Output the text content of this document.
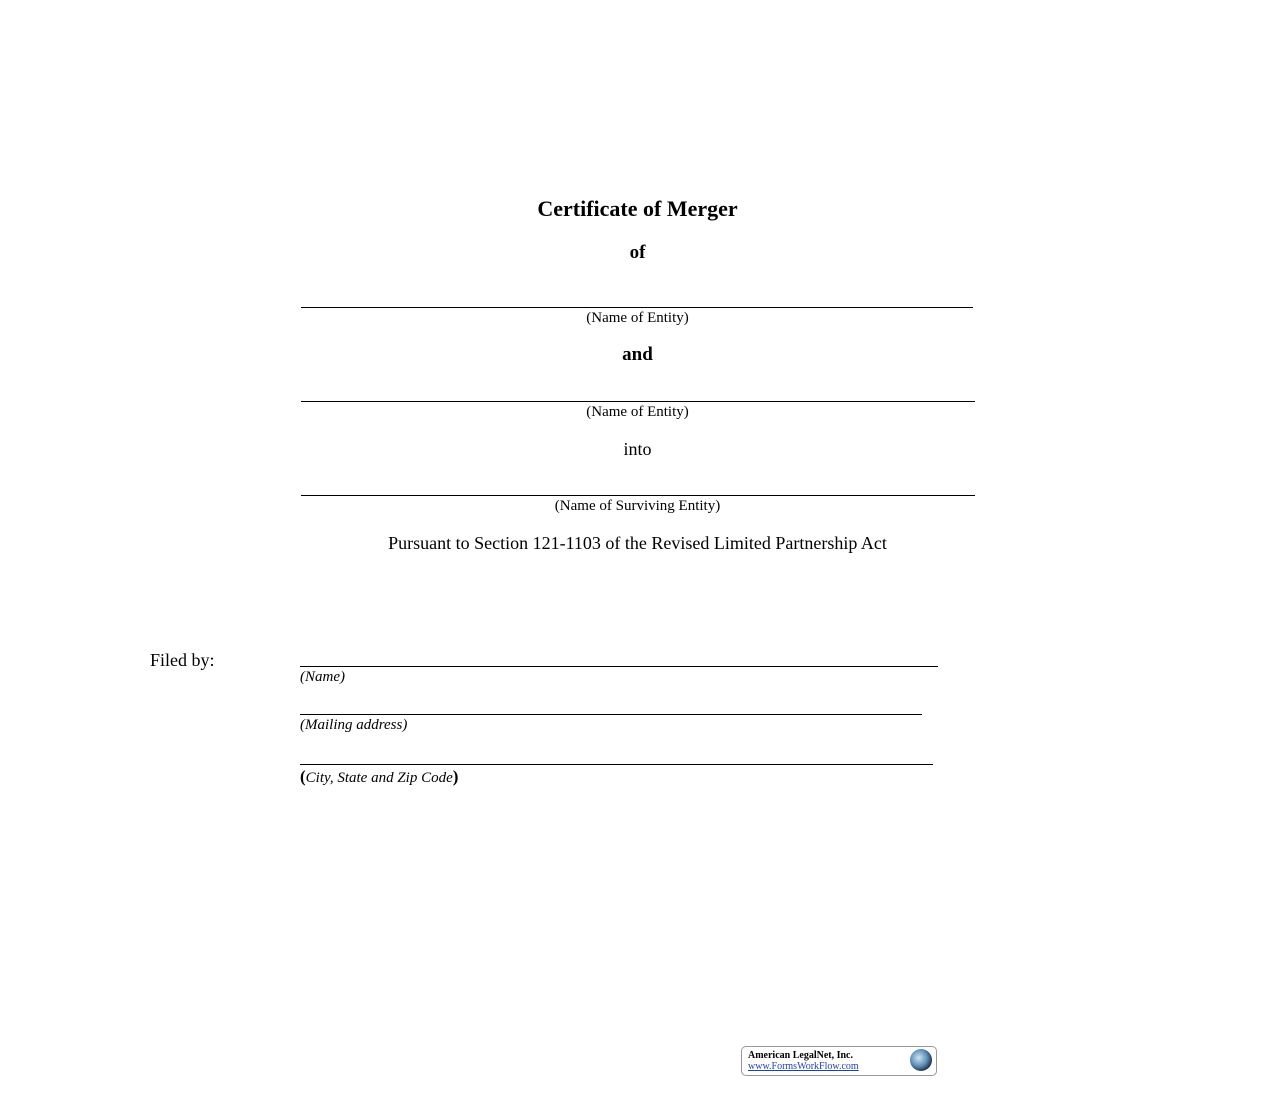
Certificate of Merger
of
(Name of Entity)
and
(Name of Entity)
into
(Name of Surviving Entity)
Pursuant to Section 121-1103 of the Revised Limited Partnership Act
Filed by:
(Name)
(Mailing address)
(City, State and Zip Code)
American LegalNet, Inc.
www.FormsWorkFlow.com
